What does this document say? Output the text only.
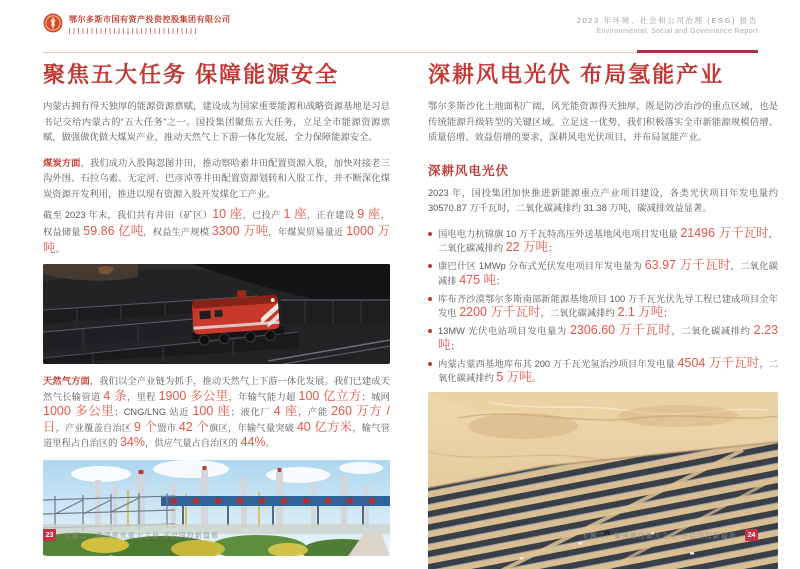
鄂尔多斯市国有资产投资控股集团有限公司	2023 年环境、社会和公司治理 (ESG) 报告
Environmental, Social and Governance Report
聚焦五大任务 保障能源安全

内蒙古拥有得天独厚的能源资源禀赋，建设成为国家重要能源和战略资源基地是习总书记交给内蒙古的“五大任务”之一。国投集团聚焦五大任务，立足全市能源资源禀赋，做强做优做大煤炭产业，推动天然气上下游一体化发展，全力保障能源安全。

煤炭方面，我们成功入股陶忽图井田，推动察哈素井田配置资源入股，加快对接老三沟外围、石拉乌素、无定河、巴彦淖等井田配置资源划转和入股工作，并不断深化煤炭资源开发利用，推进以现有资源入股开发煤化工产业。

截至 2023 年末，我们共有井田（矿区）10 座，已投产 1 座，正在建设 9 座，权益储量 59.86 亿吨，权益生产规模 3300 万吨，年煤炭贸易量近 1000 万吨。

天然气方面，我们以全产业链为抓手，推动天然气上下游一体化发展。我们已建成天然气长输管道 4 条，里程 1900 多公里，年输气能力超 100 亿立方；城网 1000 多公里；CNG/LNG 站近 100 座；液化厂 4 座，产能 260 万方 / 日，产业覆盖自治区 9 个盟市 42 个旗区，年输气量突破 40 亿方米，输气管道里程占自治区的 34%，供应气量占自治区的 44%。

深耕风电光伏 布局氢能产业

鄂尔多斯沙化土地面积广阔，风光能资源得天独厚，既是防沙治沙的重点区域，也是传统能源升级转型的关键区域。立足这一优势，我们积极落实全市新能源规模倍增、质量倍增、效益倍增的要求，深耕风电光伏项目，并布局氢能产业。

深耕风电光伏

2023 年，国投集团加快推进新能源重点产业项目建设，各类光伏项目年发电量约 30570.87 万千瓦时，二氧化碳减排约 31.38 万吨，碳减排效益显著。

国电电力杭锦旗 10 万千瓦特高压外送基地风电项目发电量 21496 万千瓦时，二氧化碳减排约 22 万吨；
康巴什区 1MWp 分布式光伏发电项目年发电量为 63.97 万千瓦时，二氧化碳减排 475 吨；
库布齐沙漠鄂尔多斯南部新能源基地项目 100 万千瓦光伏先导工程已建成项目全年发电 2200 万千瓦时，二氧化碳减排约 2.1 万吨；
13MW 光伏电站项目发电量为 2306.60 万千瓦时，二氧化碳减排约 2.23 吨；
内蒙古蒙西基地库布其 200 万千瓦光氢治沙项目年发电量 4504 万千瓦时，二氧化碳减排约 5 万吨。
23	专题二：做强做优做大主业 开启国投新篇章	24
专题二：做强做优做大主业 开启国投新篇章
